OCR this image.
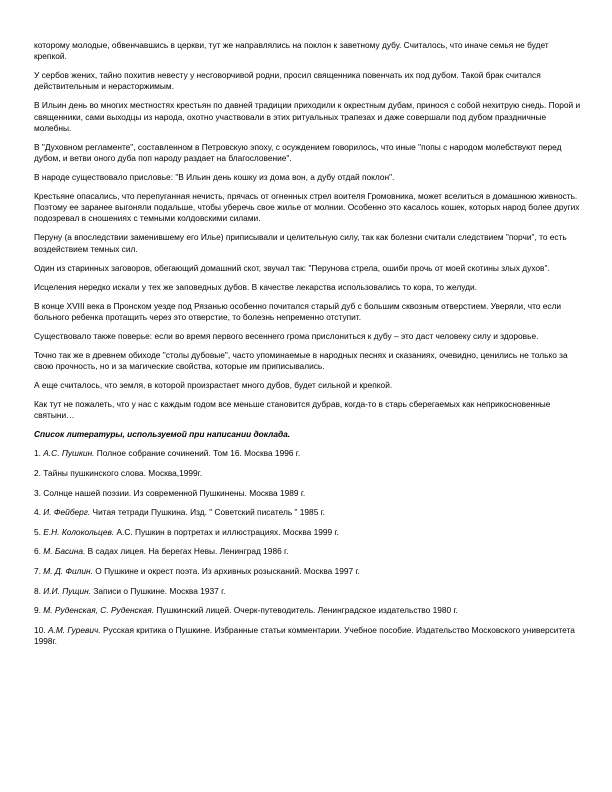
которому молодые, обвенчавшись в церкви, тут же направлялись на поклон к заветному дубу. Считалось, что иначе семья не будет крепкой.

У сербов жених, тайно похитив невесту у несговорчивой родни, просил священника повенчать их под дубом. Такой брак считался действительным и нерасторжимым.

В Ильин день во многих местностях крестьян по давней традиции приходили к окрестным дубам, принося с собой нехитрую снедь. Порой и священники, сами выходцы из народа, охотно участвовали в этих ритуальных трапезах и даже совершали под дубом праздничные молебны.

В "Духовном регламенте", составленном в Петровскую эпоху, с осуждением говорилось, что иные "попы с народом молебствуют перед дубом, и ветви оного дуба поп народу раздает на благословение".

В народе существовало присловье: "В Ильин день кошку из дома вон, а дубу отдай поклон".

Крестьяне опасались, что перепуганная нечисть, прячась от огненных стрел воителя Громовника, может вселиться в домашнюю живность. Поэтому ее заранее выгоняли подальше, чтобы уберечь свое жилье от молнии. Особенно это касалось кошек, которых народ более других подозревал в сношениях с темными колдовскими силами.

Перуну (а впоследствии заменившему его Илье) приписывали и целительную силу, так как болезни считали следствием "порчи", то есть воздействием темных сил.

Один из старинных заговоров, обегающий домашний скот, звучал так: "Перунова стрела, ошиби прочь от моей скотины злых духов".

Исцеления нередко искали у тех же заповедных дубов. В качестве лекарства использовались то кора, то желуди.

В конце XVIII века в Пронском уезде под Рязанью особенно почитался старый дуб с большим сквозным отверстием. Уверяли, что если больного ребенка протащить через это отверстие, то болезнь непременно отступит.

Существовало также поверье: если во время первого весеннего грома прислониться к дубу – это даст человеку силу и здоровье.

Точно так же в древнем обиходе "столы дубовые", часто упоминаемые в народных песнях и сказаниях, очевидно, ценились не только за свою прочность, но и за магические свойства, которые им приписывались.

А еще считалось, что земля, в которой произрастает много дубов, будет сильной и крепкой.

Как тут не пожалеть, что у нас с каждым годом все меньше становится дубрав, когда-то в старь сберегаемых как неприкосновенные святыни…

Список литературы, используемой при написании доклада.

1. А.С. Пушкин. Полное собрание сочинений. Том 16. Москва 1996 г.

2. Тайны пушкинского слова. Москва,1999г.

3. Солнце нашей поэзии. Из современной Пушкинены. Москва 1989 г.

4. И. Фейберг. Читая тетради Пушкина. Изд. " Советский писатель " 1985 г.

5. Е.Н. Колокольцев. А.С. Пушкин в портретах и иллюстрациях. Москва 1999 г.

6. М. Басина. В садах лицея. На берегах Невы. Ленинград 1986 г.

7. М. Д. Филин. О Пушкине и окрест поэта. Из архивных розысканий. Москва 1997 г.

8. И.И. Пущин. Записи о Пушкине. Москва 1937 г.

9. М. Руденская, С. Руденская. Пушкинский лицей. Очерк-путеводитель. Ленинградское издательство 1980 г.

10. А.М. Гуревич. Русская критика о Пушкине. Избранные статьи комментарии. Учебное пособие. Издательство Московского университета 1998г.
